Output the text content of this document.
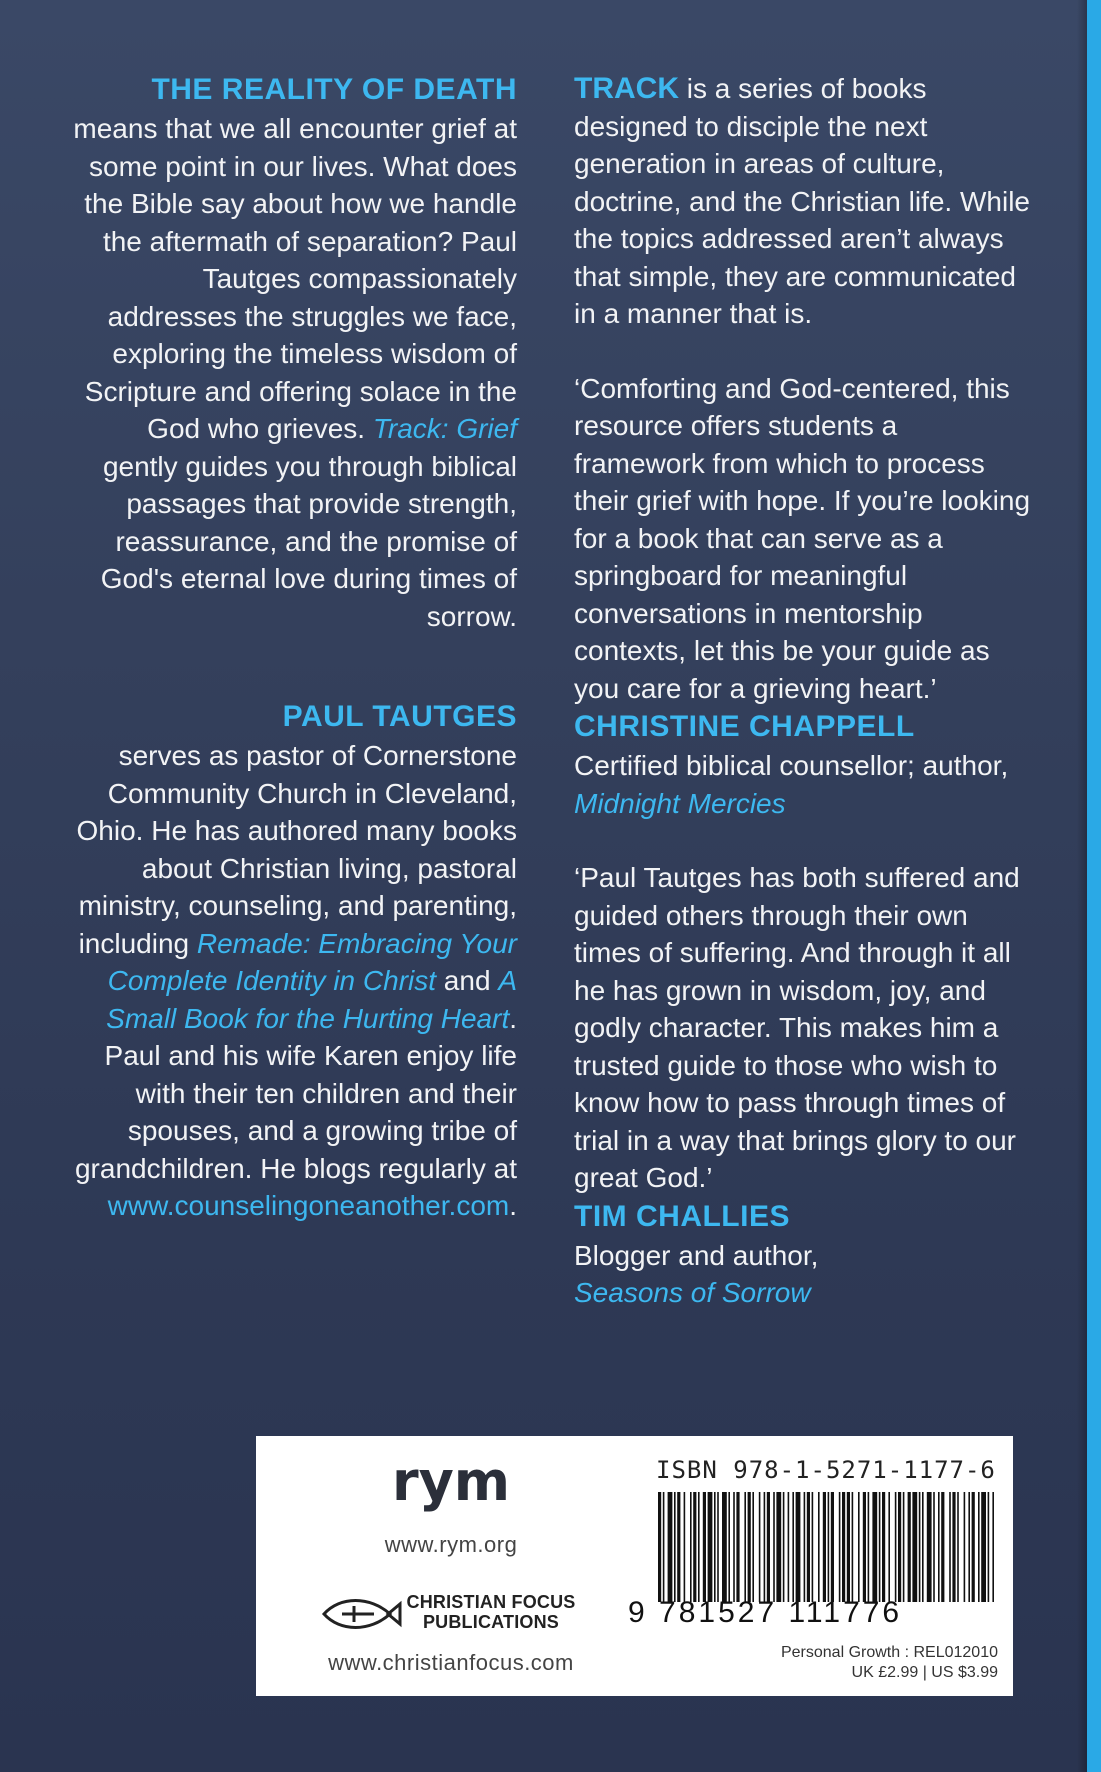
THE REALITY OF DEATH

means that we all encounter grief at some point in our lives. What does the Bible say about how we handle the aftermath of separation? Paul Tautges compassionately addresses the struggles we face, exploring the timeless wisdom of Scripture and offering solace in the God who grieves. Track: Grief gently guides you through biblical passages that provide strength, reassurance, and the promise of God's eternal love during times of sorrow.

PAUL TAUTGES

serves as pastor of Cornerstone Community Church in Cleveland, Ohio. He has authored many books about Christian living, pastoral ministry, counseling, and parenting, including Remade: Embracing Your Complete Identity in Christ and A Small Book for the Hurting Heart. Paul and his wife Karen enjoy life with their ten children and their spouses, and a growing tribe of grandchildren. He blogs regularly at
www.counselingoneanother.com.

TRACK is a series of books designed to disciple the next generation in areas of culture, doctrine, and the Christian life. While the topics addressed aren’t always that simple, they are communicated in a manner that is.

‘Comforting and God-centered, this resource offers students a framework from which to process their grief with hope. If you’re looking for a book that can serve as a springboard for meaningful conversations in mentorship contexts, let this be your guide as you care for a grieving heart.’

CHRISTINE CHAPPELL

Certified biblical counsellor; author, Midnight Mercies

‘Paul Tautges has both suffered and guided others through their own times of suffering. And through it all he has grown in wisdom, joy, and godly character. This makes him a trusted guide to those who wish to know how to pass through times of trial in a way that brings glory to our great God.’

TIM CHALLIES

Blogger and author,
Seasons of Sorrow

rym
www.rym.org
CHRISTIAN FOCUS
PUBLICATIONS
www.christianfocus.com
ISBN 978-1-5271-1177-6
9 781527 111776
Personal Growth : REL012010
UK £2.99 | US $3.99
